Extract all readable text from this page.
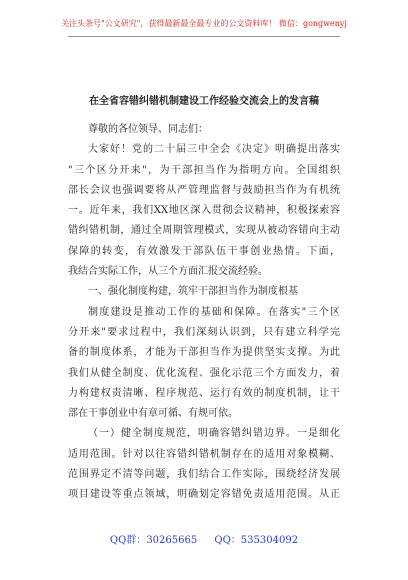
关注头条号"公文研究"，获得最新最全最专业的公文资料库！ 微信：gongwenyj
在全省容错纠错机制建设工作经验交流会上的发言稿
尊敬的各位领导、同志们：
大家好！党的二十届三中全会《决定》明确提出落实
"三个区分开来"，为干部担当作为指明方向。全国组织
部长会议也强调要将从严管理监督与鼓励担当作为有机统
一。近年来，我们XX地区深入贯彻会议精神，积极探索容
错纠错机制，通过全周期管理模式，实现从被动容错向主动
保障的转变，有效激发干部队伍干事创业热情。下面，
我结合实际工作，从三个方面汇报交流经验。
一、强化制度构建，筑牢干部担当作为制度根基
制度建设是推动工作的基础和保障。在落实"三个区
分开来"要求过程中，我们深刻认识到，只有建立科学完
备的制度体系，才能为干部担当作为提供坚实支撑。为此
我们从健全制度、优化流程、强化示范三个方面发力，着
力构建权责清晰、程序规范、运行有效的制度机制，让干
部在干事创业中有章可循、有规可依。
（一）健全制度规范，明确容错纠错边界。一是细化
适用范围。针对以往容错纠错机制存在的适用对象模糊、
范围界定不清等问题，我们结合工作实际，围绕经济发展
项目建设等重点领域，明确划定容错免责适用范围。从正
QQ群：30265665 QQ：535304092
